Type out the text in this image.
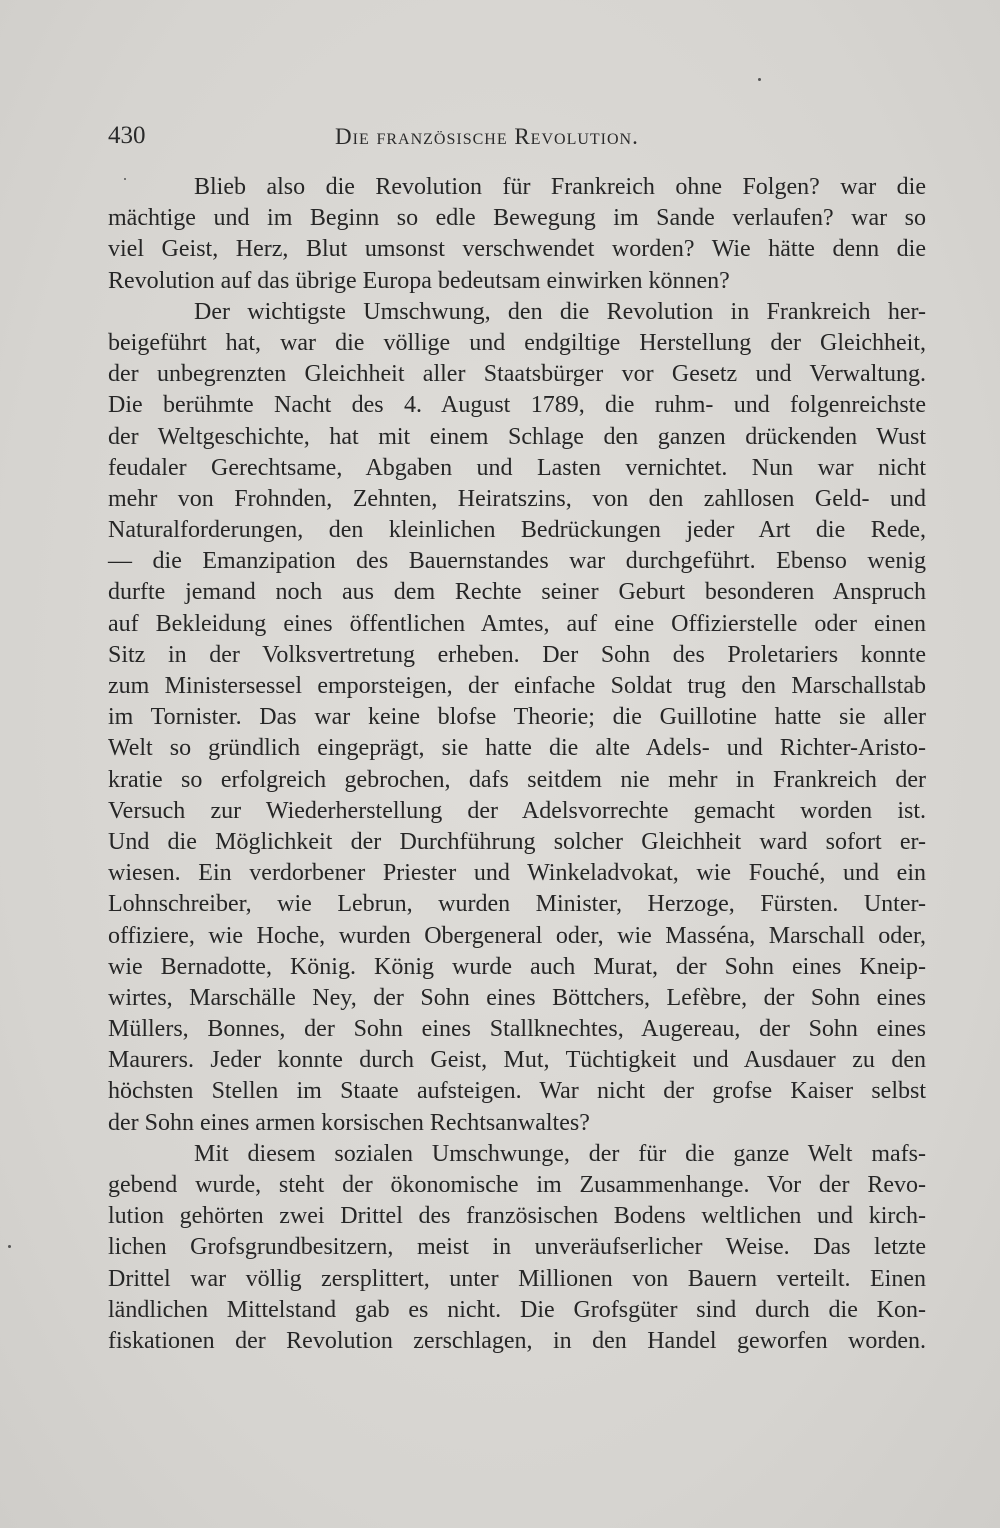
430	Die französische Revolution.
Blieb also die Revolution für Frankreich ohne Folgen? war die
mächtige und im Beginn so edle Bewegung im Sande verlaufen? war so
viel Geist, Herz, Blut umsonst verschwendet worden? Wie hätte denn die
Revolution auf das übrige Europa bedeutsam einwirken können?
Der wichtigste Umschwung, den die Revolution in Frankreich her-
beigeführt hat, war die völlige und endgiltige Herstellung der Gleichheit,
der unbegrenzten Gleichheit aller Staatsbürger vor Gesetz und Verwaltung.
Die berühmte Nacht des 4. August 1789, die ruhm- und folgenreichste
der Weltgeschichte, hat mit einem Schlage den ganzen drückenden Wust
feudaler Gerechtsame, Abgaben und Lasten vernichtet. Nun war nicht
mehr von Frohnden, Zehnten, Heiratszins, von den zahllosen Geld- und
Naturalforderungen, den kleinlichen Bedrückungen jeder Art die Rede,
— die Emanzipation des Bauernstandes war durchgeführt. Ebenso wenig
durfte jemand noch aus dem Rechte seiner Geburt besonderen Anspruch
auf Bekleidung eines öffentlichen Amtes, auf eine Offizierstelle oder einen
Sitz in der Volksvertretung erheben. Der Sohn des Proletariers konnte
zum Ministersessel emporsteigen, der einfache Soldat trug den Marschallstab
im Tornister. Das war keine blofse Theorie; die Guillotine hatte sie aller
Welt so gründlich eingeprägt, sie hatte die alte Adels- und Richter-Aristo-
kratie so erfolgreich gebrochen, dafs seitdem nie mehr in Frankreich der
Versuch zur Wiederherstellung der Adelsvorrechte gemacht worden ist.
Und die Möglichkeit der Durchführung solcher Gleichheit ward sofort er-
wiesen. Ein verdorbener Priester und Winkeladvokat, wie Fouché, und ein
Lohnschreiber, wie Lebrun, wurden Minister, Herzoge, Fürsten. Unter-
offiziere, wie Hoche, wurden Obergeneral oder, wie Masséna, Marschall oder,
wie Bernadotte, König. König wurde auch Murat, der Sohn eines Kneip-
wirtes, Marschälle Ney, der Sohn eines Böttchers, Lefèbre, der Sohn eines
Müllers, Bonnes, der Sohn eines Stallknechtes, Augereau, der Sohn eines
Maurers. Jeder konnte durch Geist, Mut, Tüchtigkeit und Ausdauer zu den
höchsten Stellen im Staate aufsteigen. War nicht der grofse Kaiser selbst
der Sohn eines armen korsischen Rechtsanwaltes?
Mit diesem sozialen Umschwunge, der für die ganze Welt mafs-
gebend wurde, steht der ökonomische im Zusammenhange. Vor der Revo-
lution gehörten zwei Drittel des französischen Bodens weltlichen und kirch-
lichen Grofsgrundbesitzern, meist in unveräufserlicher Weise. Das letzte
Drittel war völlig zersplittert, unter Millionen von Bauern verteilt. Einen
ländlichen Mittelstand gab es nicht. Die Grofsgüter sind durch die Kon-
fiskationen der Revolution zerschlagen, in den Handel geworfen worden.
